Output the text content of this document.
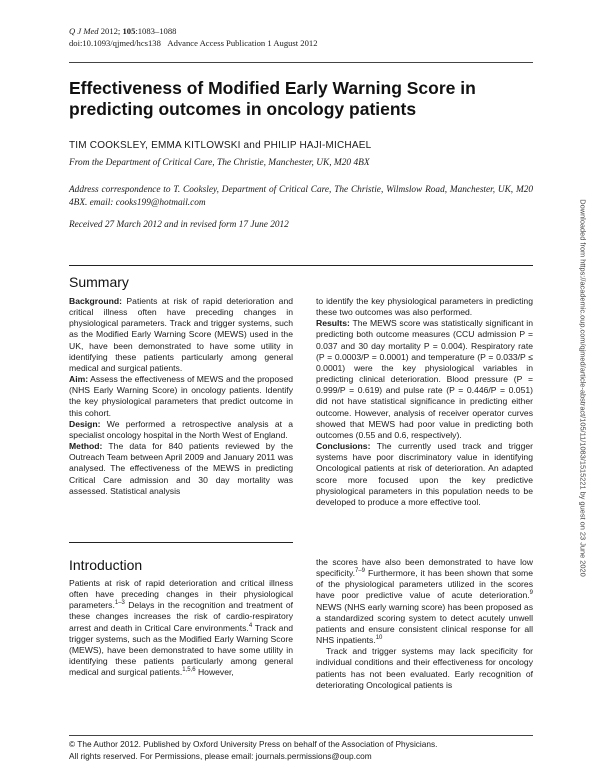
Q J Med 2012; 105:1083–1088
doi:10.1093/qjmed/hcs138 Advance Access Publication 1 August 2012
Effectiveness of Modified Early Warning Score in predicting outcomes in oncology patients
TIM COOKSLEY, EMMA KITLOWSKI and PHILIP HAJI-MICHAEL
From the Department of Critical Care, The Christie, Manchester, UK, M20 4BX
Address correspondence to T. Cooksley, Department of Critical Care, The Christie, Wilmslow Road, Manchester, UK, M20 4BX. email: cooks199@hotmail.com
Received 27 March 2012 and in revised form 17 June 2012
Summary

Background: Patients at risk of rapid deterioration and critical illness often have preceding changes in physiological parameters. Track and trigger systems, such as the Modified Early Warning Score (MEWS) used in the UK, have been demonstrated to have some utility in identifying these patients particularly among general medical and surgical patients.

Aim: Assess the effectiveness of MEWS and the proposed (NHS Early Warning Score) in oncology patients. Identify the key physiological parameters that predict outcome in this cohort.

Design: We performed a retrospective analysis at a specialist oncology hospital in the North West of England.

Method: The data for 840 patients reviewed by the Outreach Team between April 2009 and January 2011 was analysed. The effectiveness of the MEWS in predicting Critical Care admission and 30 day mortality was assessed. Statistical analysis

to identify the key physiological parameters in predicting these two outcomes was also performed.

Results: The MEWS score was statistically significant in predicting both outcome measures (CCU admission P = 0.037 and 30 day mortality P = 0.004). Respiratory rate (P = 0.0003/P = 0.0001) and temperature (P = 0.033/P ≤ 0.0001) were the key physiological variables in predicting clinical deterioration. Blood pressure (P = 0.999/P = 0.619) and pulse rate (P = 0.446/P = 0.051) did not have statistical significance in predicting either outcome. However, analysis of receiver operator curves showed that MEWS had poor value in predicting both outcomes (0.55 and 0.6, respectively).

Conclusions: The currently used track and trigger systems have poor discriminatory value in identifying Oncological patients at risk of deterioration. An adapted score more focused upon the key predictive physiological parameters in this population needs to be developed to produce a more effective tool.

Introduction

Patients at risk of rapid deterioration and critical illness often have preceding changes in their physiological parameters.$^{1-3}$ Delays in the recognition and treatment of these changes increases the risk of cardio-respiratory arrest and death in Critical Care environments.$^4$ Track and trigger systems, such as the Modified Early Warning Score (MEWS), have been demonstrated to have some utility in identifying these patients particularly among general medical and surgical patients.$^{1,5,6}$ However,

the scores have also been demonstrated to have low specificity.$^{7-9}$ Furthermore, it has been shown that some of the physiological parameters utilized in the scores have poor predictive value of acute deterioration.$^9$ NEWS (NHS early warning score) has been proposed as a standardized scoring system to detect acutely unwell patients and ensure consistent clinical response for all NHS inpatients.$^{10}$

Track and trigger systems may lack specificity for individual conditions and their effectiveness for oncology patients has not been evaluated. Early recognition of deteriorating Oncological patients is

© The Author 2012. Published by Oxford University Press on behalf of the Association of Physicians.
All rights reserved. For Permissions, please email: journals.permissions@oup.com
Downloaded from https://academic.oup.com/qjmed/article-abstract/105/11/1083/1515221 by guest on 23 June 2020
